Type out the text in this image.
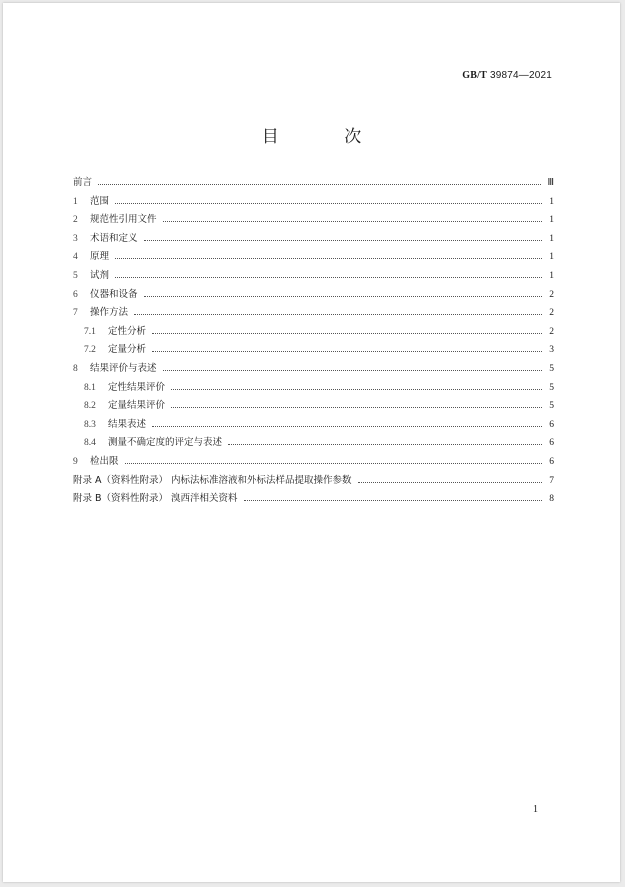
GB/T 39874—2021
目 次
前言	Ⅲ
1	范围	1
2	规范性引用文件	1
3	术语和定义	1
4	原理	1
5	试剂	1
6	仪器和设备	2
7	操作方法	2
7.1	定性分析	2
7.2	定量分析	3
8	结果评价与表述	5
8.1	定性结果评价	5
8.2	定量结果评价	5
8.3	结果表述	6
8.4	测量不确定度的评定与表述	6
9	检出限	6
附录 A（资料性附录） 内标法标准溶液和外标法样品提取操作参数	7
附录 B（资料性附录） 溴西泮相关资料	8
1
